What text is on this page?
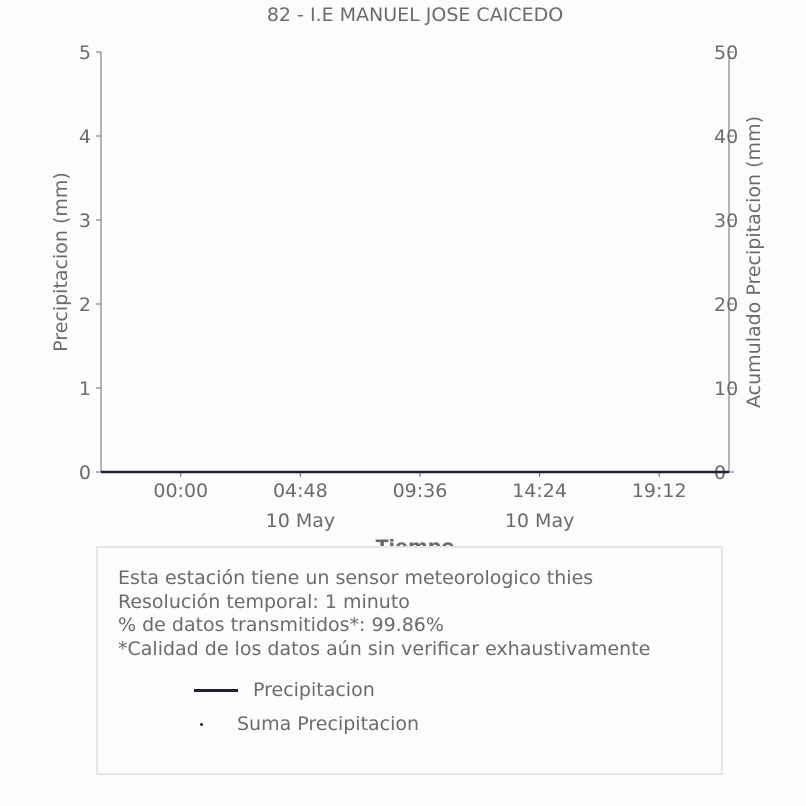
82 - I.E MANUEL JOSE CAICEDO
0
1
2
3
4
5
0
10
20
30
40
50
00:00	04:48
10 May
09:36	14:24
10 May
19:12
Precipitacion (mm)	Acumulado Precipitacion (mm)
Esta estación tiene un sensor meteorologico thies
Resolución temporal: 1 minuto
% de datos transmitidos*: 99.86%
*Calidad de los datos aún sin verificar exhaustivamente
Precipitacion
Suma Precipitacion
